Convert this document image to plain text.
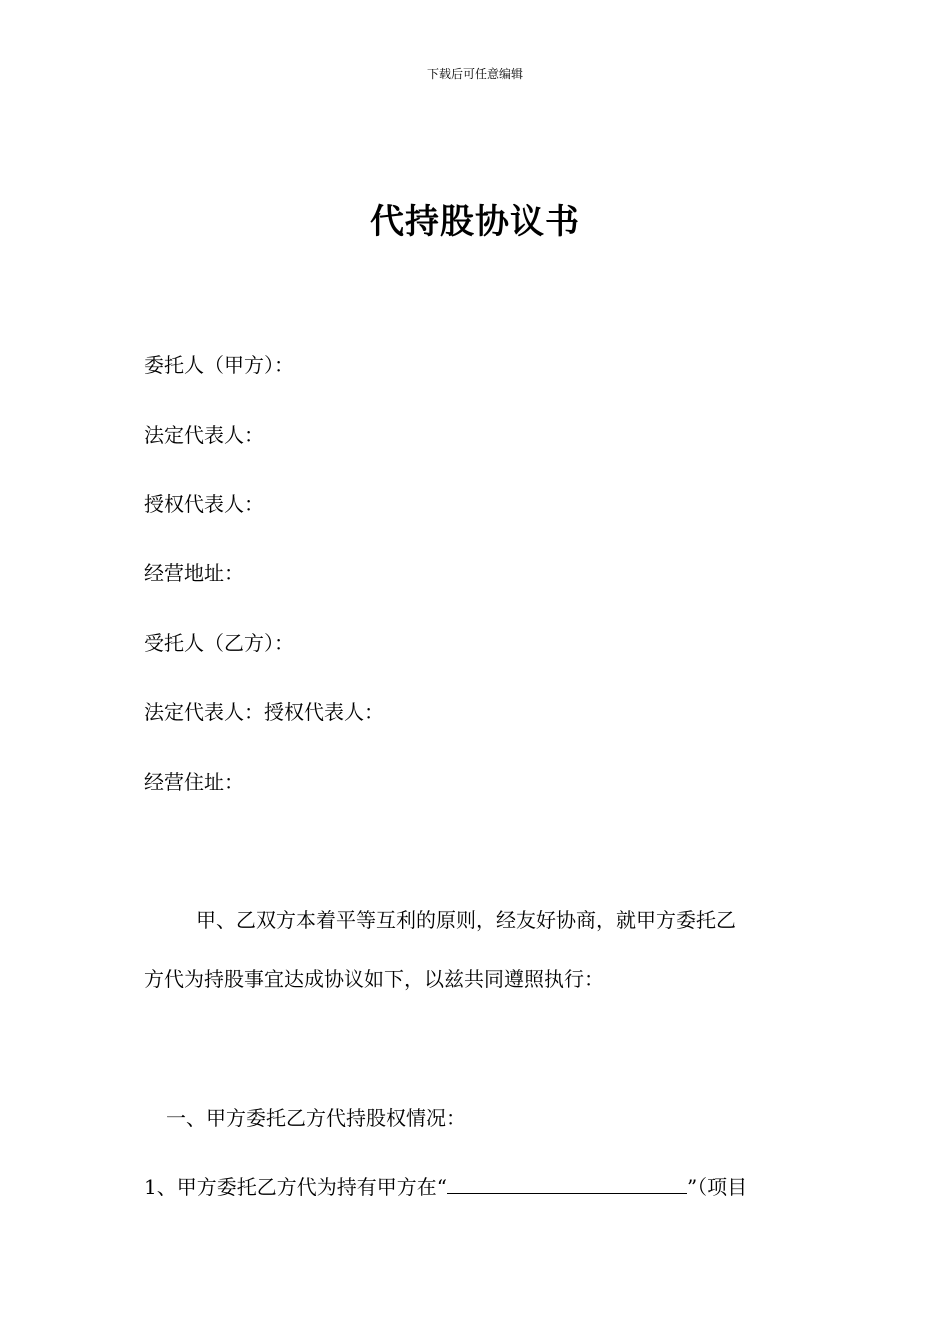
下载后可任意编辑
代持股协议书
委托人（甲方）：
法定代表人：
授权代表人：
经营地址：
受托人（乙方）：
法定代表人：授权代表人：
经营住址：
甲、乙双方本着平等互利的原则，经友好协商，就甲方委托乙
方代为持股事宜达成协议如下，以兹共同遵照执行：
一、甲方委托乙方代持股权情况：
1、甲方委托乙方代为持有甲方在“	”（项目
